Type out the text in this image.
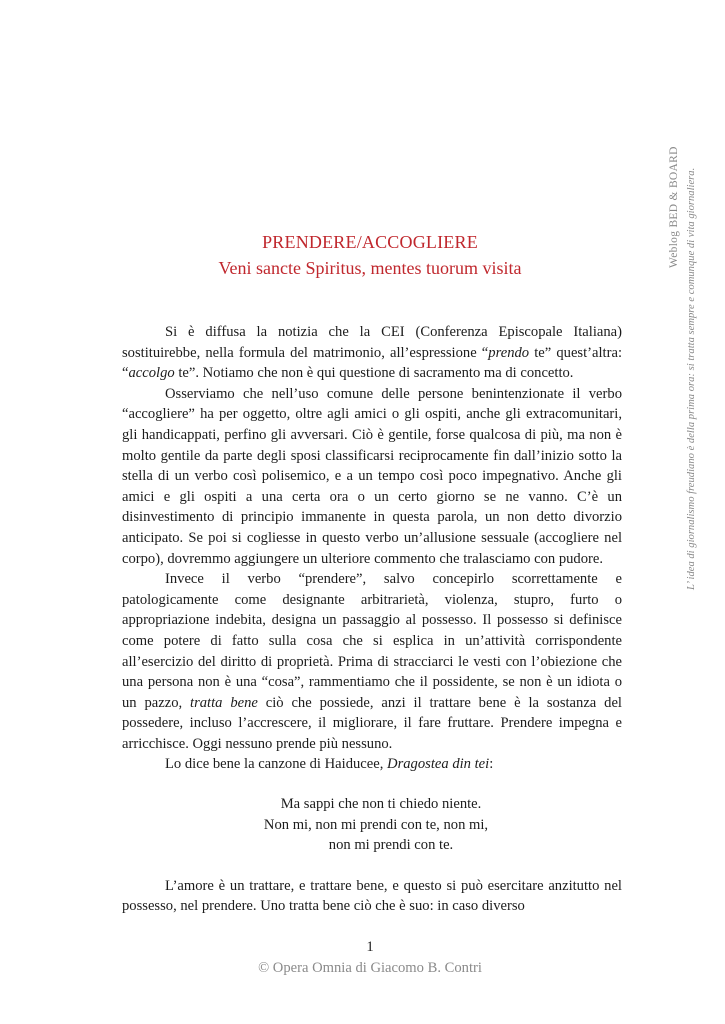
Weblog BED & BOARD L’ idea di giornalismo freudiano è della prima ora: si tratta sempre e comunque di vita giornaliera.
PRENDERE/ACCOGLIERE
Veni sancte Spiritus, mentes tuorum visita

Si è diffusa la notizia che la CEI (Conferenza Episcopale Italiana) sostituirebbe, nella formula del matrimonio, all’espressione “prendo te” quest’altra: “accolgo te”. Notiamo che non è qui questione di sacramento ma di concetto.

Osserviamo che nell’uso comune delle persone benintenzionate il verbo “accogliere” ha per oggetto, oltre agli amici o gli ospiti, anche gli extracomunitari, gli handicappati, perfino gli avversari. Ciò è gentile, forse qualcosa di più, ma non è molto gentile da parte degli sposi classificarsi reciprocamente fin dall’inizio sotto la stella di un verbo così polisemico, e a un tempo così poco impegnativo. Anche gli amici e gli ospiti a una certa ora o un certo giorno se ne vanno. C’è un disinvestimento di principio immanente in questa parola, un non detto divorzio anticipato. Se poi si cogliesse in questo verbo un’allusione sessuale (accogliere nel corpo), dovremmo aggiungere un ulteriore commento che tralasciamo con pudore.

Invece il verbo “prendere”, salvo concepirlo scorrettamente e patologicamente come designante arbitrarietà, violenza, stupro, furto o appropriazione indebita, designa un passaggio al possesso. Il possesso si definisce come potere di fatto sulla cosa che si esplica in un’attività corrispondente all’esercizio del diritto di proprietà. Prima di stracciarci le vesti con l’obiezione che una persona non è una “cosa”, rammentiamo che il possidente, se non è un idiota o un pazzo, tratta bene ciò che possiede, anzi il trattare bene è la sostanza del possedere, incluso l’accrescere, il migliorare, il fare fruttare. Prendere impegna e arricchisce. Oggi nessuno prende più nessuno.

Lo dice bene la canzone di Haiducee, Dragostea din tei:

Ma sappi che non ti chiedo niente.
Non mi, non mi prendi con te, non mi,
non mi prendi con te.

L’amore è un trattare, e trattare bene, e questo si può esercitare anzitutto nel possesso, nel prendere. Uno tratta bene ciò che è suo: in caso diverso

1
© Opera Omnia di Giacomo B. Contri
